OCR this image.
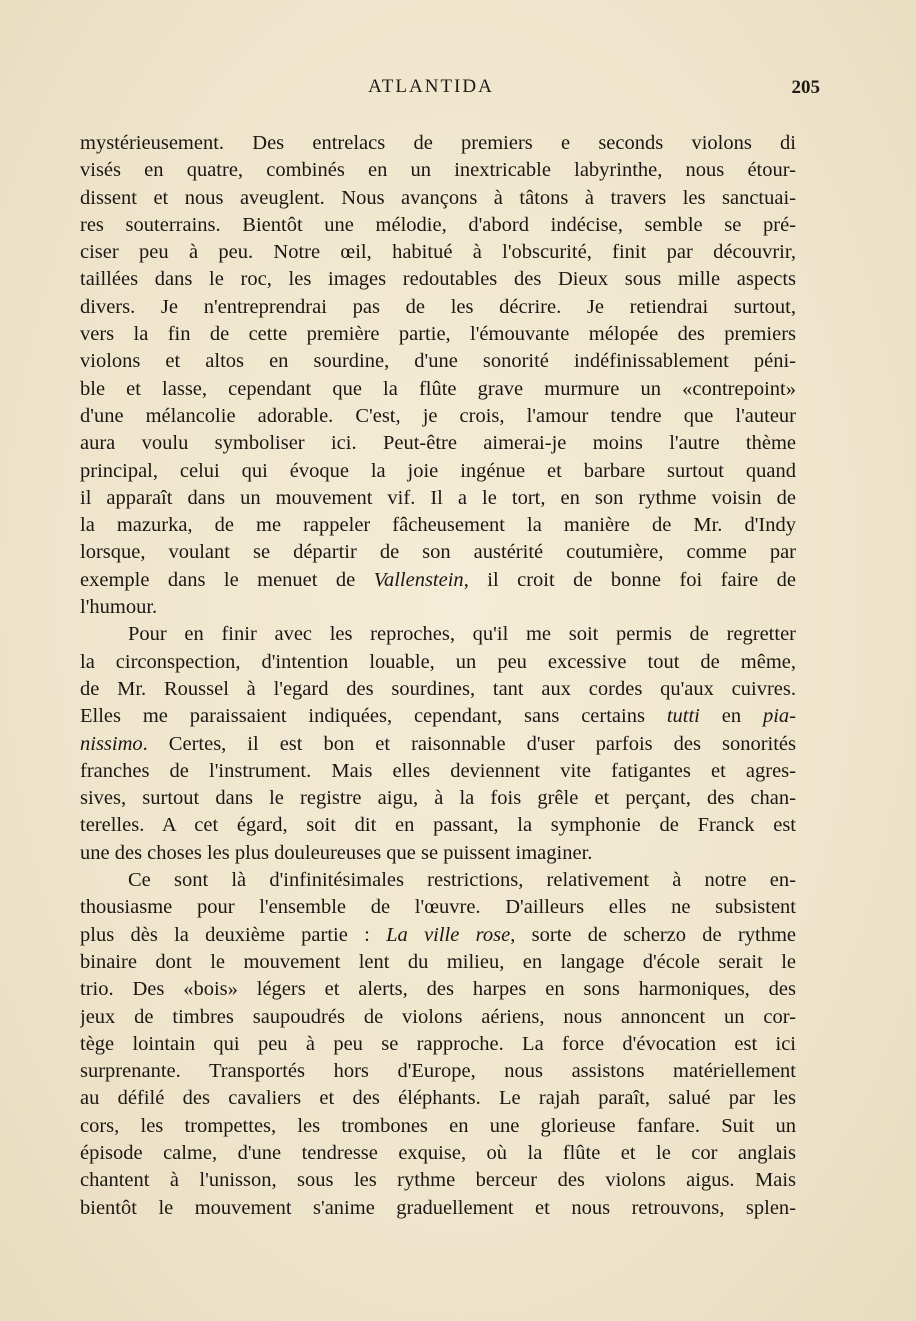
ATLANTIDA	205
mystérieusement. Des entrelacs de premiers e seconds violons di
visés en quatre, combinés en un inextricable labyrinthe, nous étour-
dissent et nous aveuglent. Nous avançons à tâtons à travers les sanctuai-
res souterrains. Bientôt une mélodie, d'abord indécise, semble se pré-
ciser peu à peu. Notre œil, habitué à l'obscurité, finit par découvrir,
taillées dans le roc, les images redoutables des Dieux sous mille aspects
divers. Je n'entreprendrai pas de les décrire. Je retiendrai surtout,
vers la fin de cette première partie, l'émouvante mélopée des premiers
violons et altos en sourdine, d'une sonorité indéfinissablement péni-
ble et lasse, cependant que la flûte grave murmure un «contrepoint»
d'une mélancolie adorable. C'est, je crois, l'amour tendre que l'auteur
aura voulu symboliser ici. Peut-être aimerai-je moins l'autre thème
principal, celui qui évoque la joie ingénue et barbare surtout quand
il apparaît dans un mouvement vif. Il a le tort, en son rythme voisin de
la mazurka, de me rappeler fâcheusement la manière de Mr. d'Indy
lorsque, voulant se départir de son austérité coutumière, comme par
exemple dans le menuet de Vallenstein, il croit de bonne foi faire de
l'humour.
Pour en finir avec les reproches, qu'il me soit permis de regretter
la circonspection, d'intention louable, un peu excessive tout de même,
de Mr. Roussel à l'egard des sourdines, tant aux cordes qu'aux cuivres.
Elles me paraissaient indiquées, cependant, sans certains tutti en pia-
nissimo. Certes, il est bon et raisonnable d'user parfois des sonorités
franches de l'instrument. Mais elles deviennent vite fatigantes et agres-
sives, surtout dans le registre aigu, à la fois grêle et perçant, des chan-
terelles. A cet égard, soit dit en passant, la symphonie de Franck est
une des choses les plus douleureuses que se puissent imaginer.
Ce sont là d'infinitésimales restrictions, relativement à notre en-
thousiasme pour l'ensemble de l'œuvre. D'ailleurs elles ne subsistent
plus dès la deuxième partie : La ville rose, sorte de scherzo de rythme
binaire dont le mouvement lent du milieu, en langage d'école serait le
trio. Des «bois» légers et alerts, des harpes en sons harmoniques, des
jeux de timbres saupoudrés de violons aériens, nous annoncent un cor-
tège lointain qui peu à peu se rapproche. La force d'évocation est ici
surprenante. Transportés hors d'Europe, nous assistons matériellement
au défilé des cavaliers et des éléphants. Le rajah paraît, salué par les
cors, les trompettes, les trombones en une glorieuse fanfare. Suit un
épisode calme, d'une tendresse exquise, où la flûte et le cor anglais
chantent à l'unisson, sous les rythme berceur des violons aigus. Mais
bientôt le mouvement s'anime graduellement et nous retrouvons, splen-
